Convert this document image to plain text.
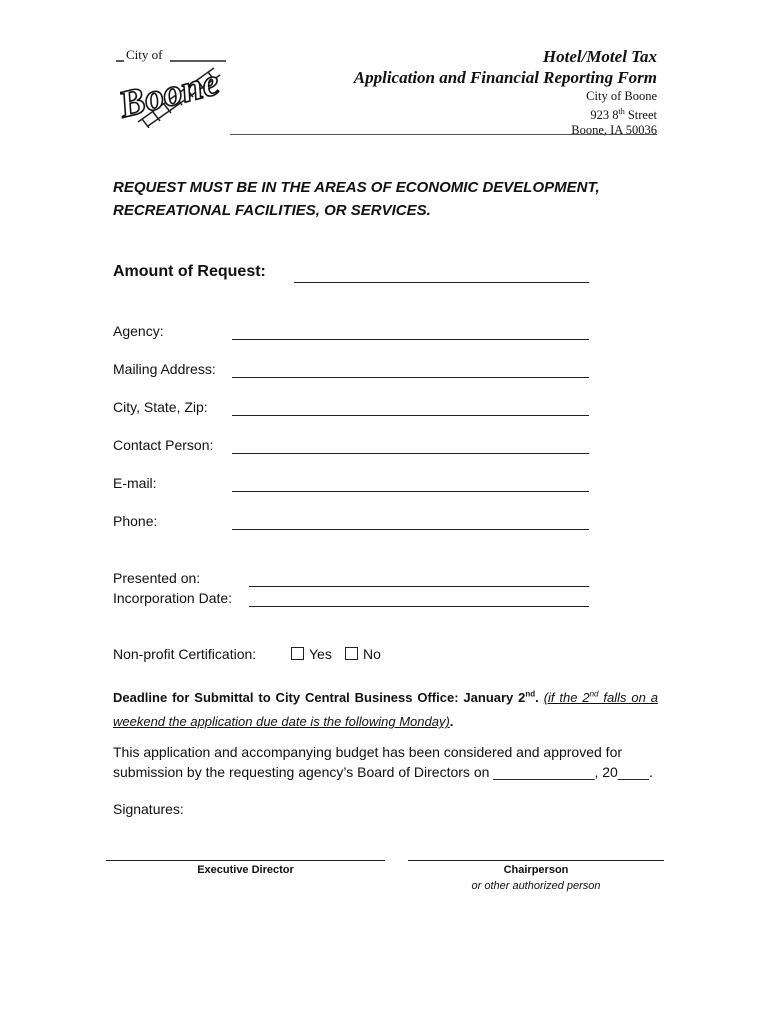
City of
Boone
Hotel/Motel Tax
Application and Financial Reporting Form
City of Boone
923 8th Street
Boone, IA 50036
REQUEST MUST BE IN THE AREAS OF ECONOMIC DEVELOPMENT, RECREATIONAL FACILITIES, OR SERVICES.
Amount of Request:
Agency:
Mailing Address:
City, State, Zip:
Contact Person:
E-mail:
Phone:
Presented on:
Incorporation Date:
Non-profit Certification:	Yes	No
Deadline for Submittal to City Central Business Office: January 2nd. (if the 2nd falls on a weekend the application due date is the following Monday).
This application and accompanying budget has been considered and approved for submission by the requesting agency’s Board of Directors on _____________, 20____.
Signatures:
Executive Director	Chairperson
or other authorized person
